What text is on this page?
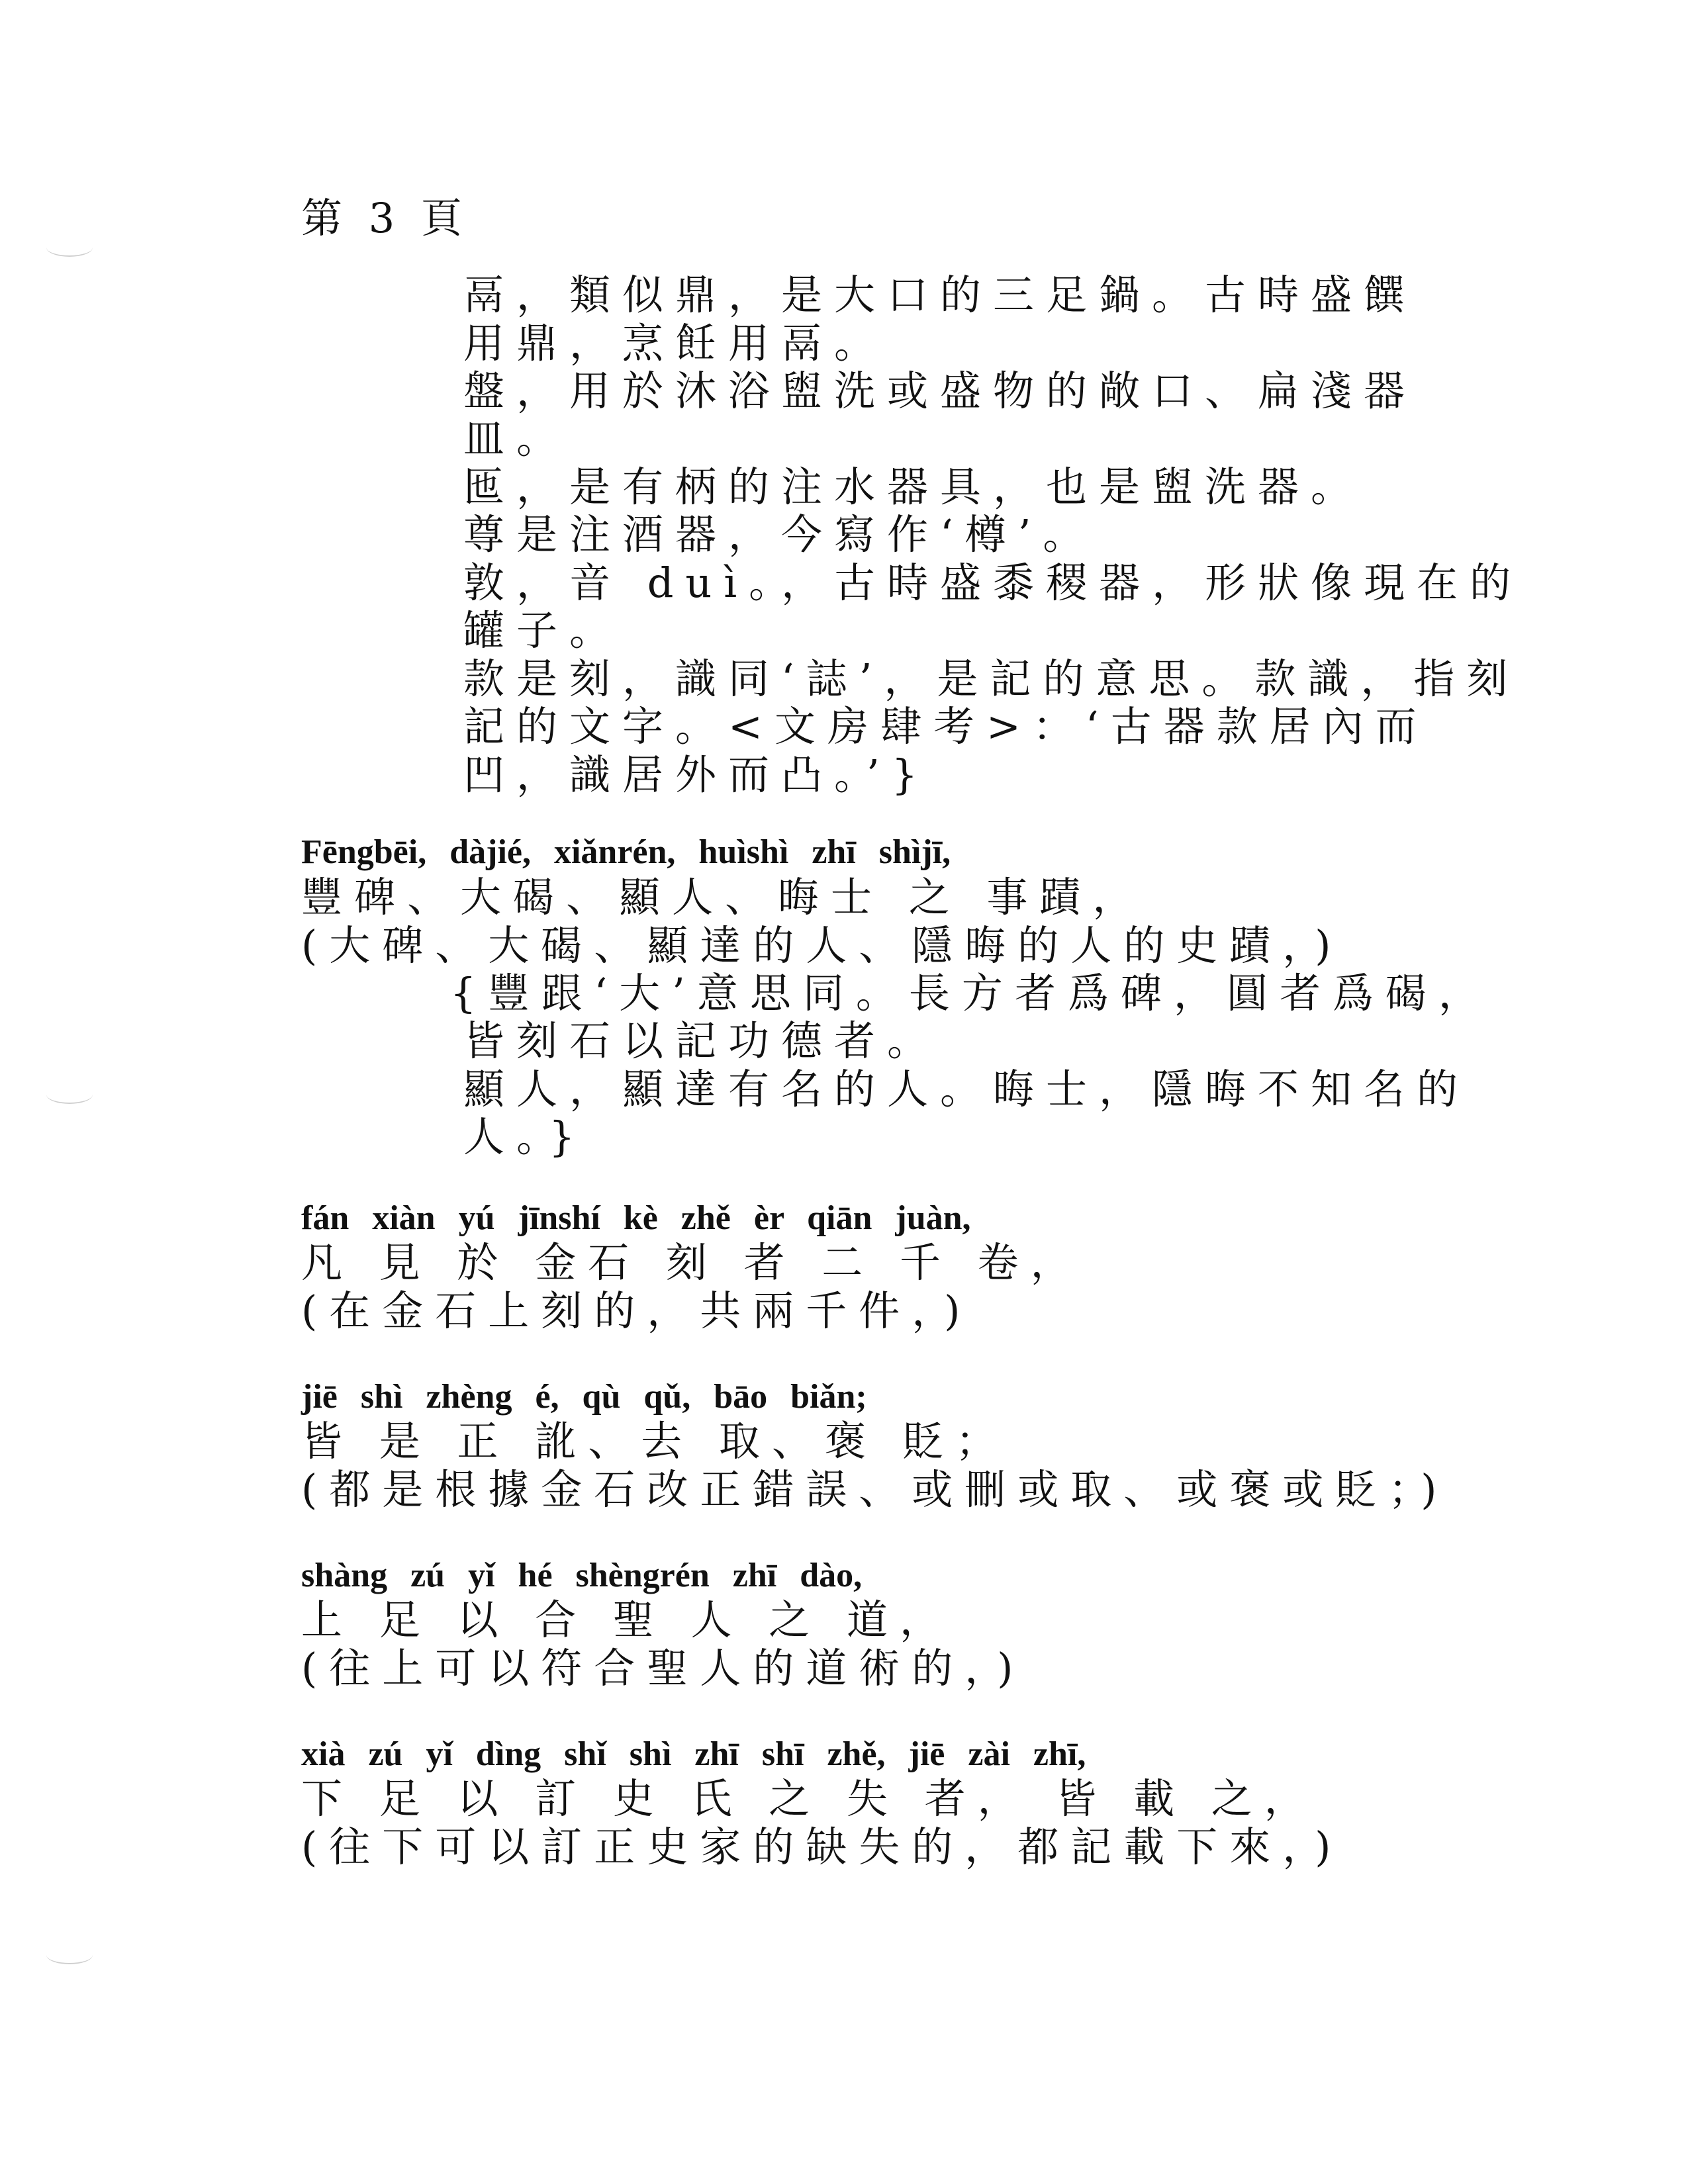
第 3 頁

鬲，類似鼎，是大口的三足鍋。古時盛饌

用鼎，烹飪用鬲。

盤，用於沐浴盥洗或盛物的敞口、扁淺器

皿。

匜，是有柄的注水器具，也是盥洗器。

尊是注酒器，今寫作‘樽’。

敦，音 duì。，古時盛黍稷器，形狀像現在的

罐子。

款是刻，識同‘誌’，是記的意思。款識，指刻

記的文字。<文房肆考>：‘古器款居內而

凹，識居外而凸。’}

Fēngbēi, dàjié, xiǎnrén, huìshì zhī shìjī,

豐碑、大碣、顯人、晦士 之 事蹟，

(大碑、大碣、顯達的人、隱晦的人的史蹟，)

{豐跟‘大’意思同。長方者爲碑，圓者爲碣，

皆刻石以記功德者。

顯人，顯達有名的人。晦士，隱晦不知名的

人。}

fán xiàn yú jīnshí kè zhě èr qiān juàn,

凡 見 於 金石 刻 者 二 千 卷，

(在金石上刻的，共兩千件，)

jiē shì zhèng é, qù qǔ, bāo biǎn;

皆 是 正 訛、去 取、褒 貶；

(都是根據金石改正錯誤、或刪或取、或褒或貶；)

shàng zú yǐ hé shèngrén zhī dào,

上 足 以 合 聖 人 之 道，

(往上可以符合聖人的道術的，)

xià zú yǐ dìng shǐ shì zhī shī zhě, jiē zài zhī,

下 足 以 訂 史 氏 之 失 者， 皆 載 之，

(往下可以訂正史家的缺失的，都記載下來，)
